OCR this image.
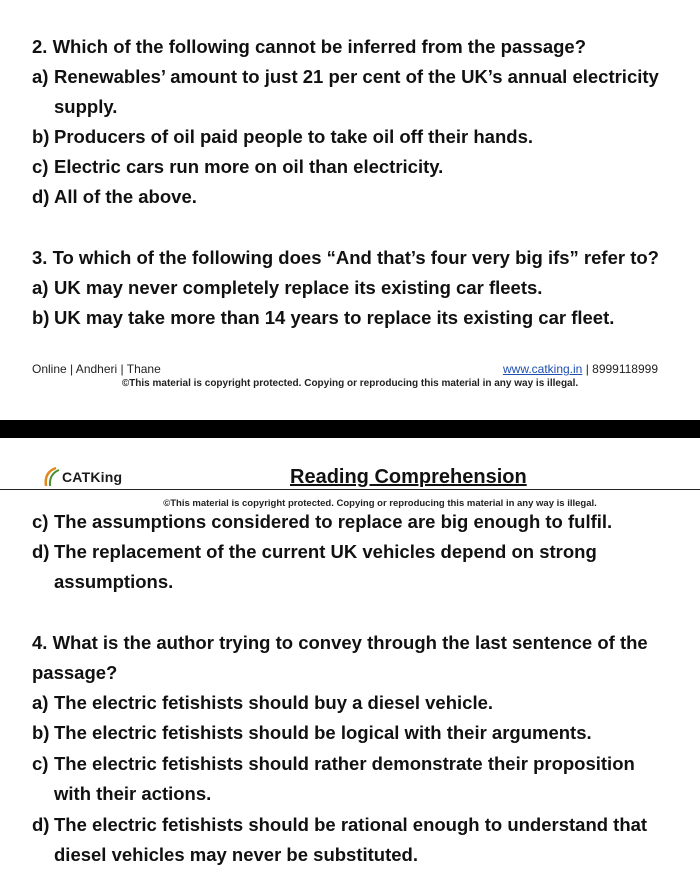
2. Which of the following cannot be inferred from the passage?

a) Renewables’ amount to just 21 per cent of the UK’s annual electricity

supply.

b) Producers of oil paid people to take oil off their hands.

c) Electric cars run more on oil than electricity.

d) All of the above.

3. To which of the following does “And that’s four very big ifs” refer to?

a) UK may never completely replace its existing car fleets.

b) UK may take more than 14 years to replace its existing car fleet.

Online | Andheri | Thane	www.catking.in | 8999118999
©This material is copyright protected. Copying or reproducing this material in any way is illegal.
CATKing	Reading Comprehension
©This material is copyright protected. Copying or reproducing this material in any way is illegal.

c) The assumptions considered to replace are big enough to fulfil.

d) The replacement of the current UK vehicles depend on strong

assumptions.

4. What is the author trying to convey through the last sentence of the

passage?

a) The electric fetishists should buy a diesel vehicle.

b) The electric fetishists should be logical with their arguments.

c) The electric fetishists should rather demonstrate their proposition

with their actions.

d) The electric fetishists should be rational enough to understand that

diesel vehicles may never be substituted.
